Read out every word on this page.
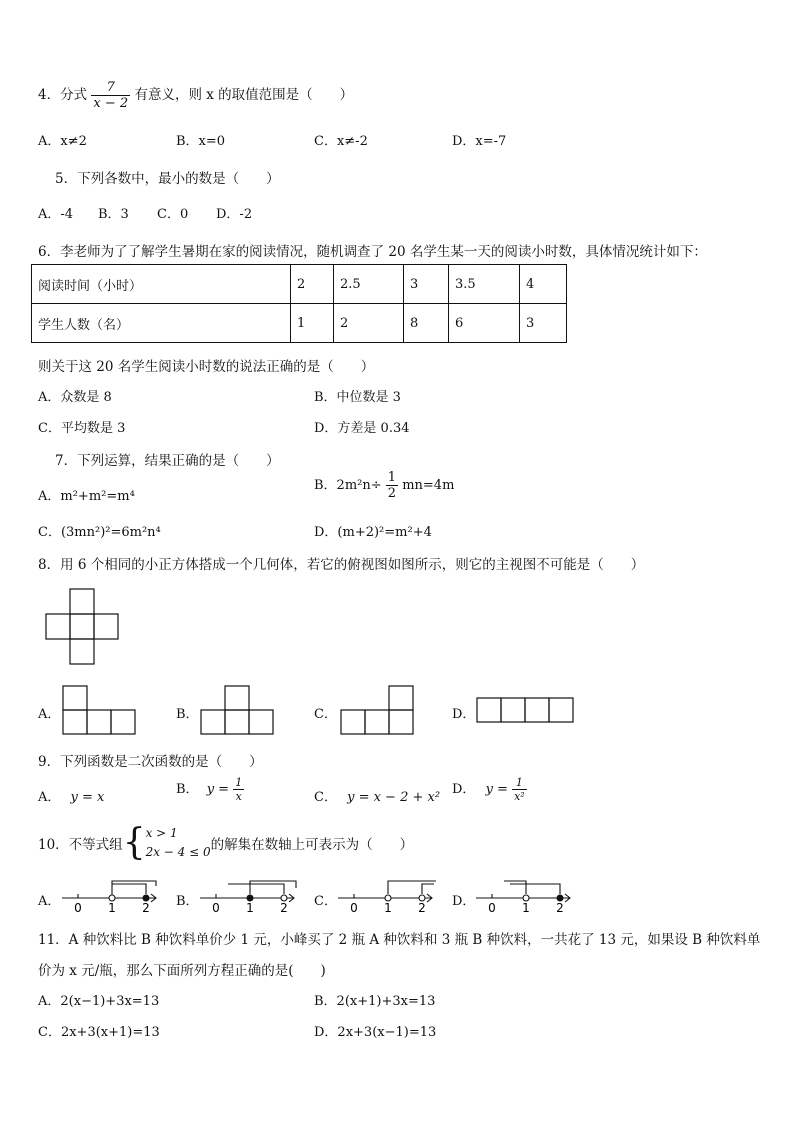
4．分式 $\frac{7}{x - 2}$ 有意义，则 x 的取值范围是（　　）
A．x≠2	B．x=0	C．x≠-2	D．x=-7
5．下列各数中，最小的数是（　　）
A．-4 B．3 C．0 D．-2
6．李老师为了了解学生暑期在家的阅读情况，随机调查了 20 名学生某一天的阅读小时数，具体情况统计如下：
阅读时间（小时）	2	2.5	3	3.5	4
学生人数（名）	1	2	8	6	3
则关于这 20 名学生阅读小时数的说法正确的是（　　）
A．众数是 8	B．中位数是 3
C．平均数是 3	D．方差是 0.34
7．下列运算，结果正确的是（　　）
A．m²+m²=m⁴
B．$2m^2n\div \frac{1}{2} mn=4m$
C．(3mn²)²=6m²n⁴	D．(m+2)²=m²+4
8．用 6 个相同的小正方体搭成一个几何体，若它的俯视图如图所示，则它的主视图不可能是（　　）
A．	B．	C．	D．
9．下列函数是二次函数的是（　　）
A． y = x
B． $y = \frac{1}{x}$	C． y = x − 2 + x²
D． $y = \frac{1}{\text{x²}}$
10．不等式组{ x > 1
2x − 4 ≤ 0 的解集在数轴上可表示为（　　）
A． 0 1 2 B． 0 1 2 C． 0 1 2 D． 0 1 2
11．A 种饮料比 B 种饮料单价少 1 元，小峰买了 2 瓶 A 种饮料和 3 瓶 B 种饮料，一共花了 13 元，如果设 B 种饮料单
价为 x 元/瓶，那么下面所列方程正确的是(　　)
A．2(x−1)+3x=13	B．2(x+1)+3x=13
C．2x+3(x+1)=13	D．2x+3(x−1)=13
